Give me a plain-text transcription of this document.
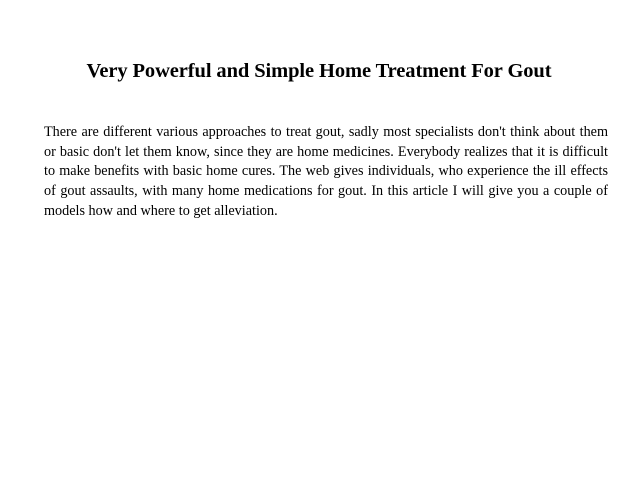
Very Powerful and Simple Home Treatment For Gout

There are different various approaches to treat gout, sadly most specialists don't think about them or basic don't let them know, since they are home medicines. Everybody realizes that it is difficult to make benefits with basic home cures. The web gives individuals, who experience the ill effects of gout assaults, with many home medications for gout. In this article I will give you a couple of models how and where to get alleviation.
